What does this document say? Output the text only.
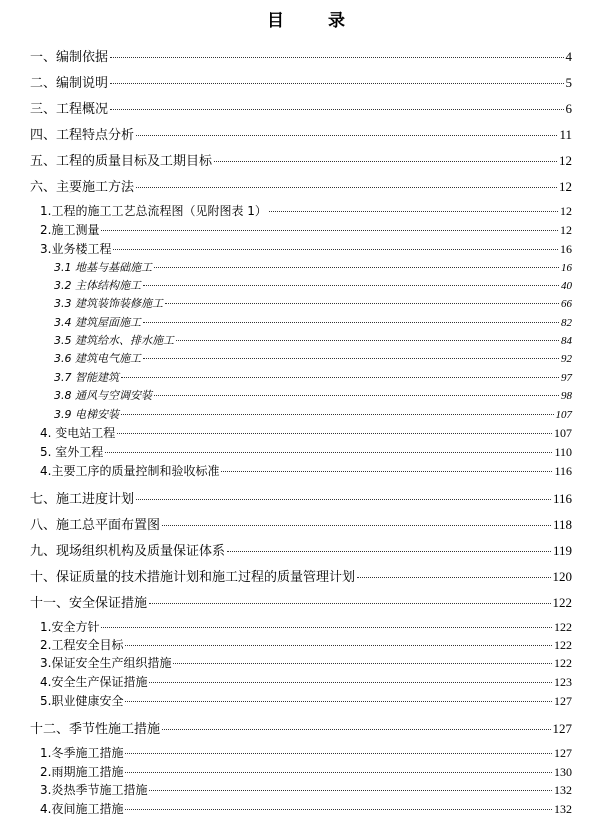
目	录
一、编制依据	4
二、编制说明	5
三、工程概况	6
四、工程特点分析	11
五、工程的质量目标及工期目标	12
六、主要施工方法	12
1.工程的施工工艺总流程图（见附图表 1）	12
2.施工测量	12
3.业务楼工程	16
3.1 地基与基础施工	16
3.2 主体结构施工	40
3.3 建筑装饰装修施工	66
3.4 建筑屋面施工	82
3.5 建筑给水、排水施工	84
3.6 建筑电气施工	92
3.7 智能建筑	97
3.8 通风与空调安装	98
3.9 电梯安装	107
4. 变电站工程	107
5. 室外工程	110
4.主要工序的质量控制和验收标准	116
七、施工进度计划	116
八、施工总平面布置图	118
九、现场组织机构及质量保证体系	119
十、保证质量的技术措施计划和施工过程的质量管理计划	120
十一、安全保证措施	122
1.安全方针	122
2.工程安全目标	122
3.保证安全生产组织措施	122
4.安全生产保证措施	123
5.职业健康安全	127
十二、季节性施工措施	127
1.冬季施工措施	127
2.雨期施工措施	130
3.炎热季节施工措施	132
4.夜间施工措施	132
